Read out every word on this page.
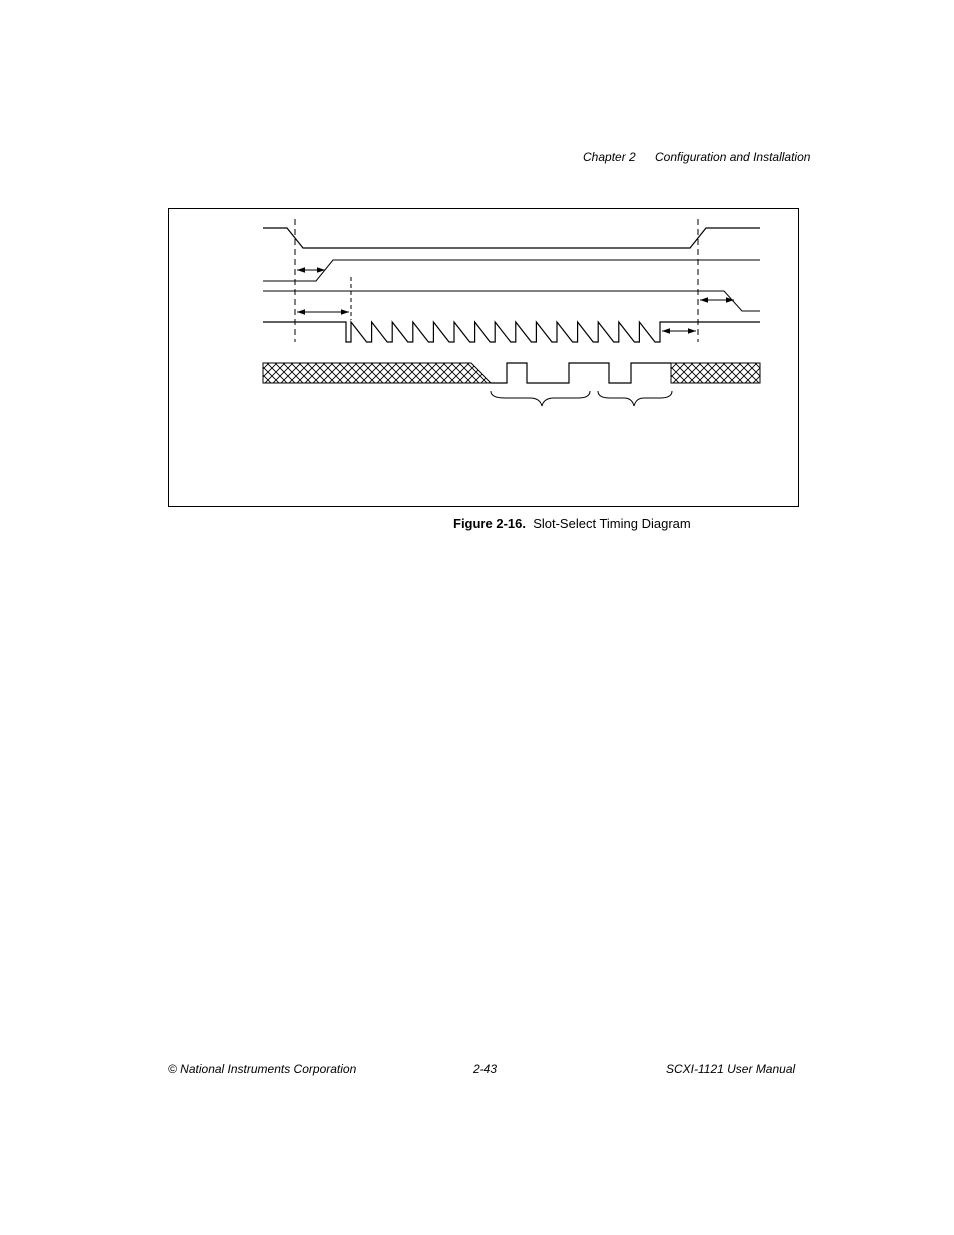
Chapter 2 Configuration and Installation
Figure 2-16. Slot-Select Timing Diagram
© National Instruments Corporation	2-43	SCXI-1121 User Manual
